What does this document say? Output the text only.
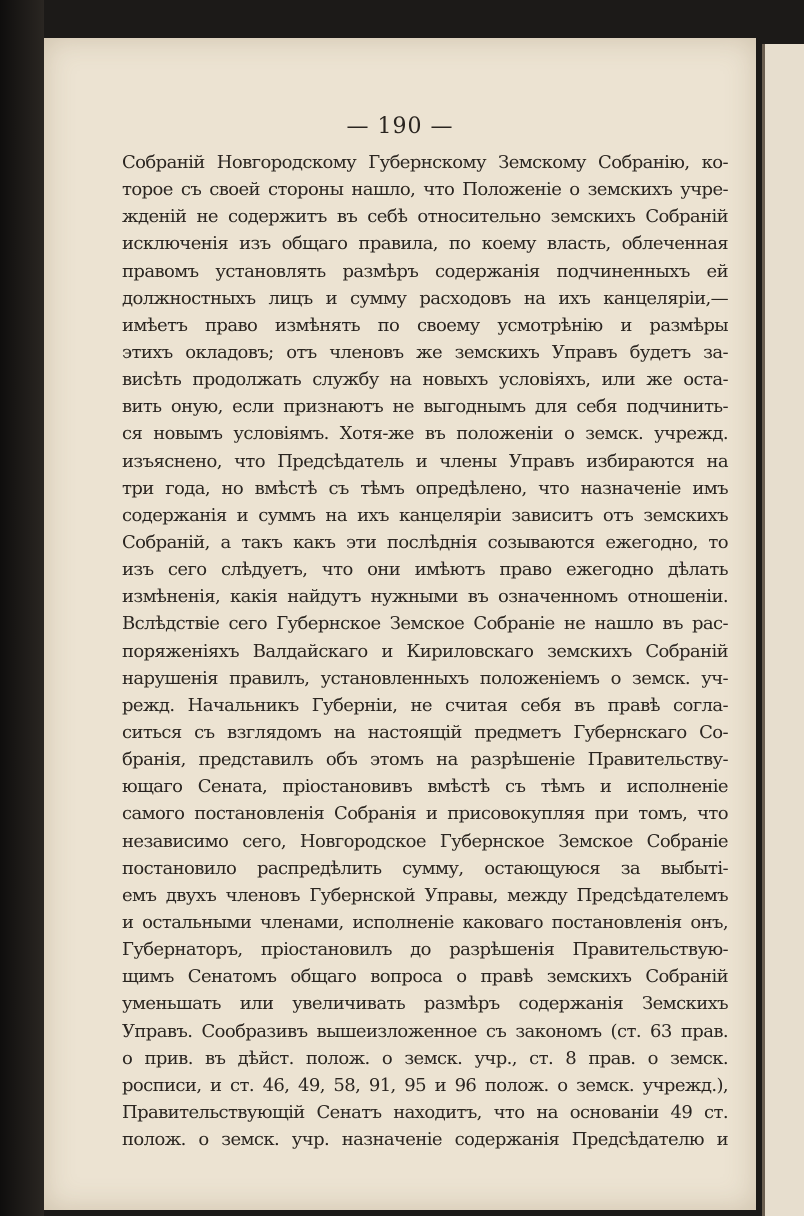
— 190 —
Собраній Новгородскому Губернскому Земскому Собранію, ко-
торое съ своей стороны нашло, что Положеніе о земскихъ учре-
жденій не содержитъ въ себѣ относительно земскихъ Собраній
исключенія изъ общаго правила, по коему власть, облеченная
правомъ установлять размѣръ содержанія подчиненныхъ ей
должностныхъ лицъ и сумму расходовъ на ихъ канцеляріи,—
имѣетъ право измѣнять по своему усмотрѣнію и размѣры
этихъ окладовъ; отъ членовъ же земскихъ Управъ будетъ за-
висѣть продолжать службу на новыхъ условіяхъ, или же оста-
вить оную, если признаютъ не выгоднымъ для себя подчинить-
ся новымъ условіямъ. Хотя-же въ положеніи о земск. учрежд.
изъяснено, что Предсѣдатель и члены Управъ избираются на
три года, но вмѣстѣ съ тѣмъ опредѣлено, что назначеніе имъ
содержанія и суммъ на ихъ канцеляріи зависитъ отъ земскихъ
Собраній, а такъ какъ эти послѣднія созываются ежегодно, то
изъ сего слѣдуетъ, что они имѣютъ право ежегодно дѣлать
измѣненія, какія найдутъ нужными въ означенномъ отношеніи.
Вслѣдствіе сего Губернское Земское Собраніе не нашло въ рас-
поряженіяхъ Валдайскаго и Кириловскаго земскихъ Собраній
нарушенія правилъ, установленныхъ положеніемъ о земск. уч-
режд. Начальникъ Губерніи, не считая себя въ правѣ согла-
ситься съ взглядомъ на настоящій предметъ Губернскаго Со-
бранія, представилъ объ этомъ на разрѣшеніе Правительству-
ющаго Сената, пріостановивъ вмѣстѣ съ тѣмъ и исполненіе
самого постановленія Собранія и присовокупляя при томъ, что
независимо сего, Новгородское Губернское Земское Собраніе
постановило распредѣлить сумму, остающуюся за выбытi-
емъ двухъ членовъ Губернской Управы, между Предсѣдателемъ
и остальными членами, исполненіе каковаго постановленія онъ,
Губернаторъ, пріостановилъ до разрѣшенія Правительствую-
щимъ Сенатомъ общаго вопроса о правѣ земскихъ Собраній
уменьшать или увеличивать размѣръ содержанія Земскихъ
Управъ. Сообразивъ вышеизложенное съ закономъ (ст. 63 прав.
о прив. въ дѣйст. полож. о земск. учр., ст. 8 прав. о земск.
росписи, и ст. 46, 49, 58, 91, 95 и 96 полож. о земск. учрежд.),
Правительствующій Сенатъ находитъ, что на основаніи 49 ст.
полож. о земск. учр. назначеніе содержанія Предсѣдателю и
